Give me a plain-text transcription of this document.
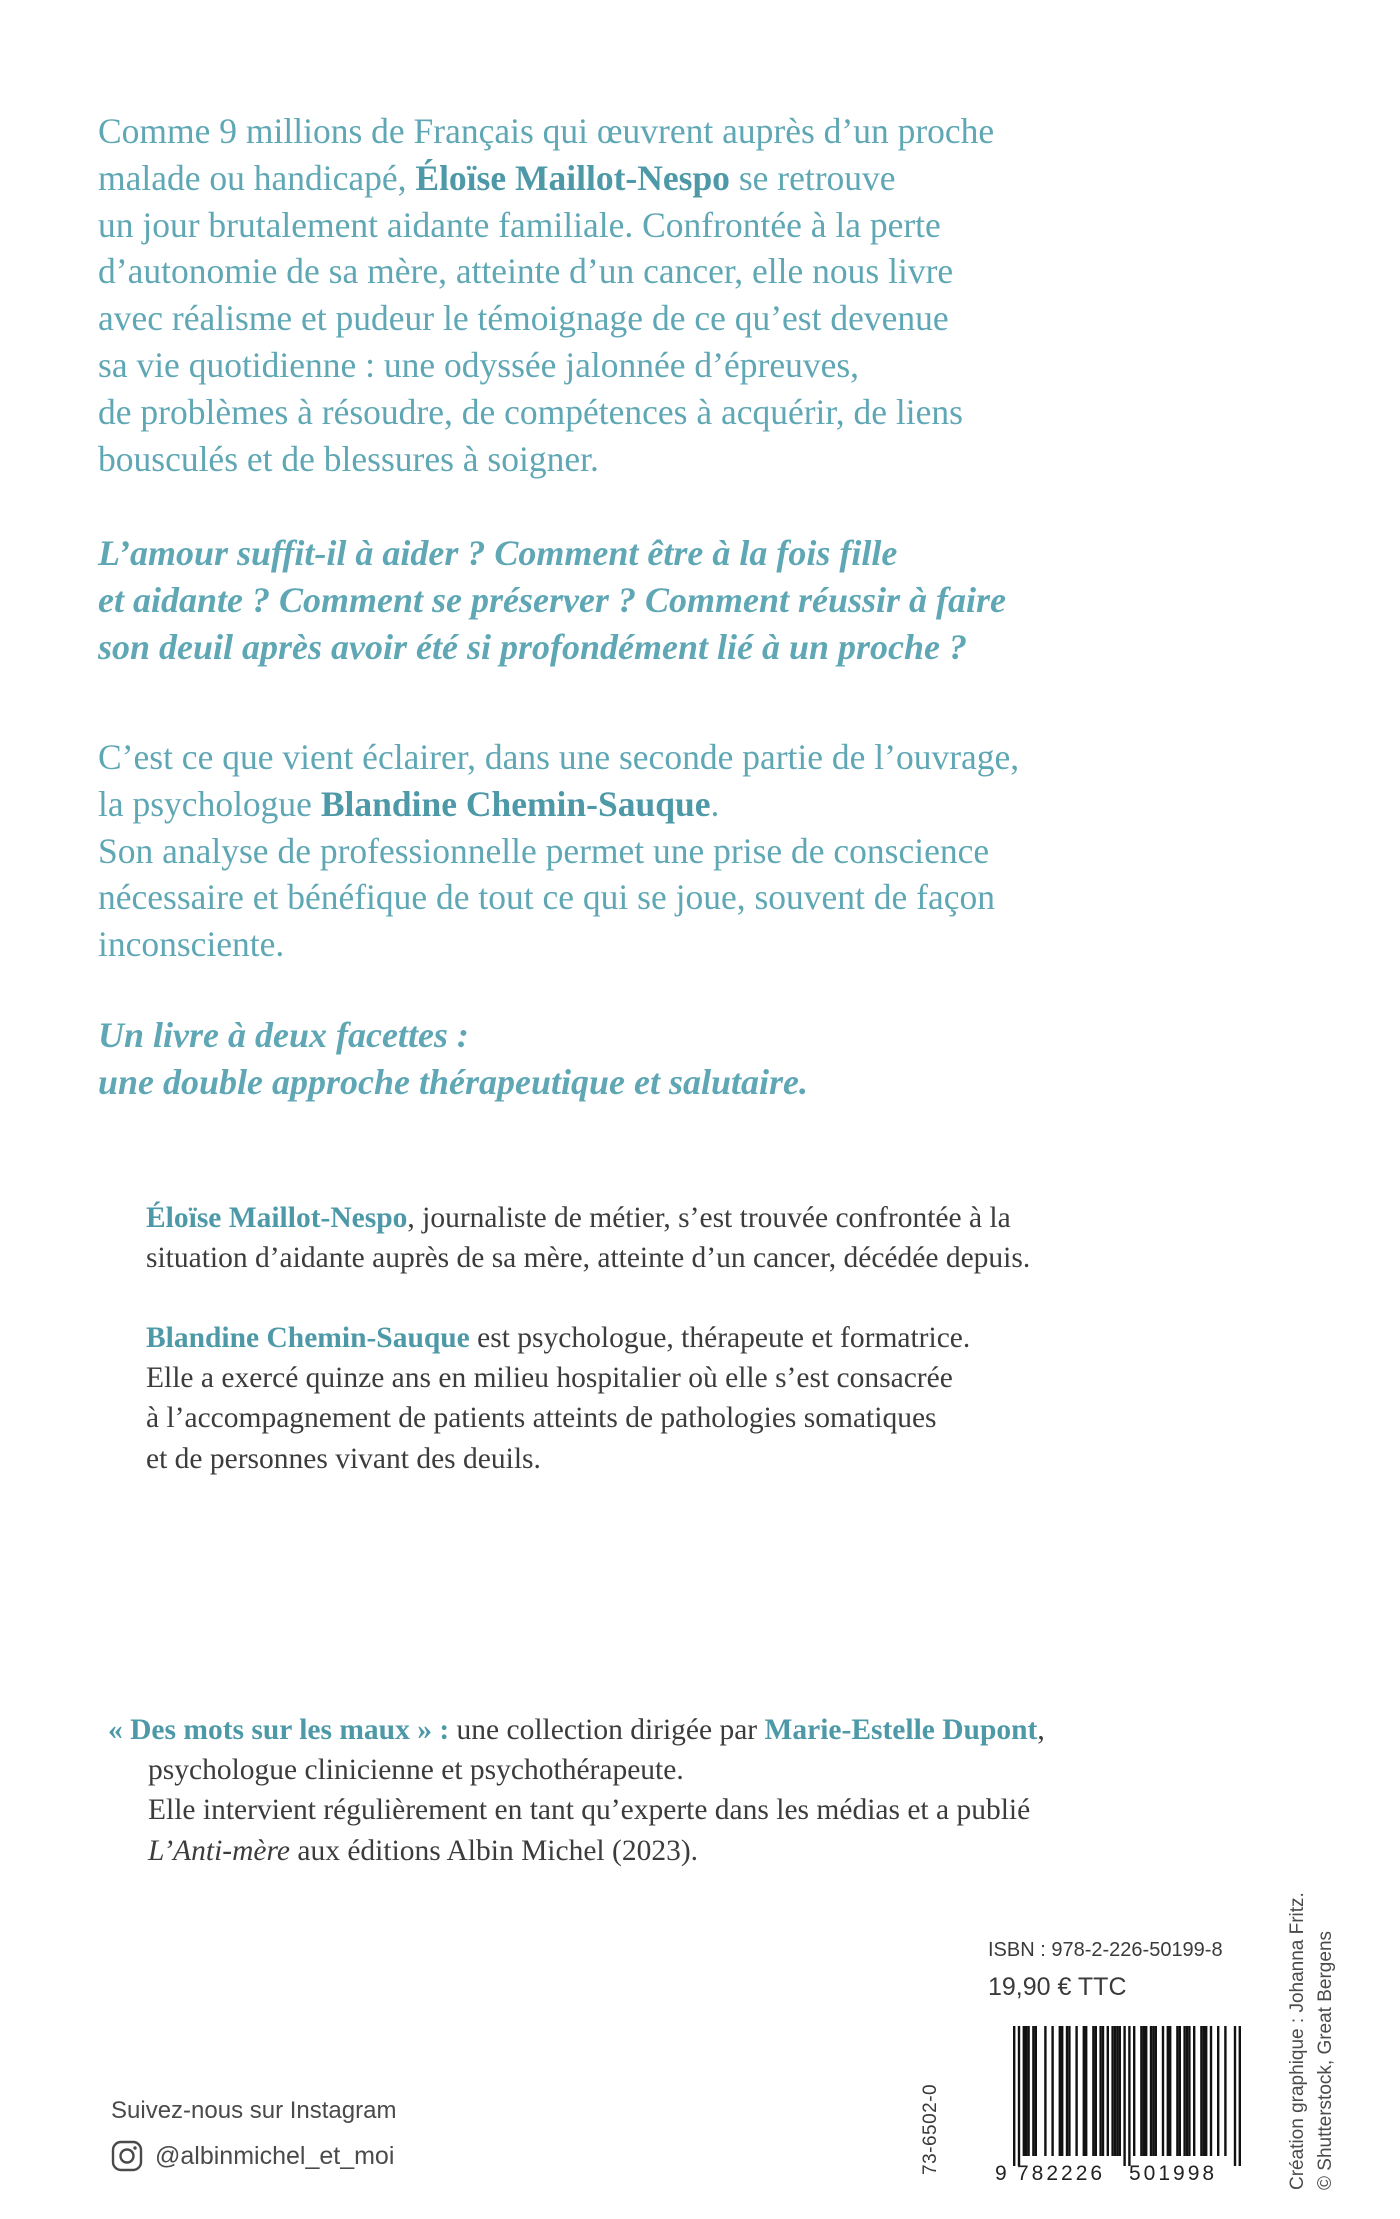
Comme 9 millions de Français qui œuvrent auprès d’un proche
malade ou handicapé, Éloïse Maillot-Nespo se retrouve
un jour brutalement aidante familiale. Confrontée à la perte
d’autonomie de sa mère, atteinte d’un cancer, elle nous livre
avec réalisme et pudeur le témoignage de ce qu’est devenue
sa vie quotidienne : une odyssée jalonnée d’épreuves,
de problèmes à résoudre, de compétences à acquérir, de liens
bousculés et de blessures à soigner.
L’amour suffit-il à aider ? Comment être à la fois fille
et aidante ? Comment se préserver ? Comment réussir à faire
son deuil après avoir été si profondément lié à un proche ?
C’est ce que vient éclairer, dans une seconde partie de l’ouvrage,
la psychologue Blandine Chemin-Sauque.
Son analyse de professionnelle permet une prise de conscience
nécessaire et bénéfique de tout ce qui se joue, souvent de façon
inconsciente.
Un livre à deux facettes :
une double approche thérapeutique et salutaire.
Éloïse Maillot-Nespo, journaliste de métier, s’est trouvée confrontée à la
situation d’aidante auprès de sa mère, atteinte d’un cancer, décédée depuis.
Blandine Chemin-Sauque est psychologue, thérapeute et formatrice.
Elle a exercé quinze ans en milieu hospitalier où elle s’est consacrée
à l’accompagnement de patients atteints de pathologies somatiques
et de personnes vivant des deuils.
« Des mots sur les maux » : une collection dirigée par Marie-Estelle Dupont,
psychologue clinicienne et psychothérapeute.
Elle intervient régulièrement en tant qu’experte dans les médias et a publié
L’Anti-mère aux éditions Albin Michel (2023).
ISBN : 978-2-226-50199-8
19,90 € TTC
73-6502-0	9 782226 501998	Création graphique : Johanna Fritz. © Shutterstock, Great Bergens
Suivez-nous sur Instagram
@albinmichel_et_moi
